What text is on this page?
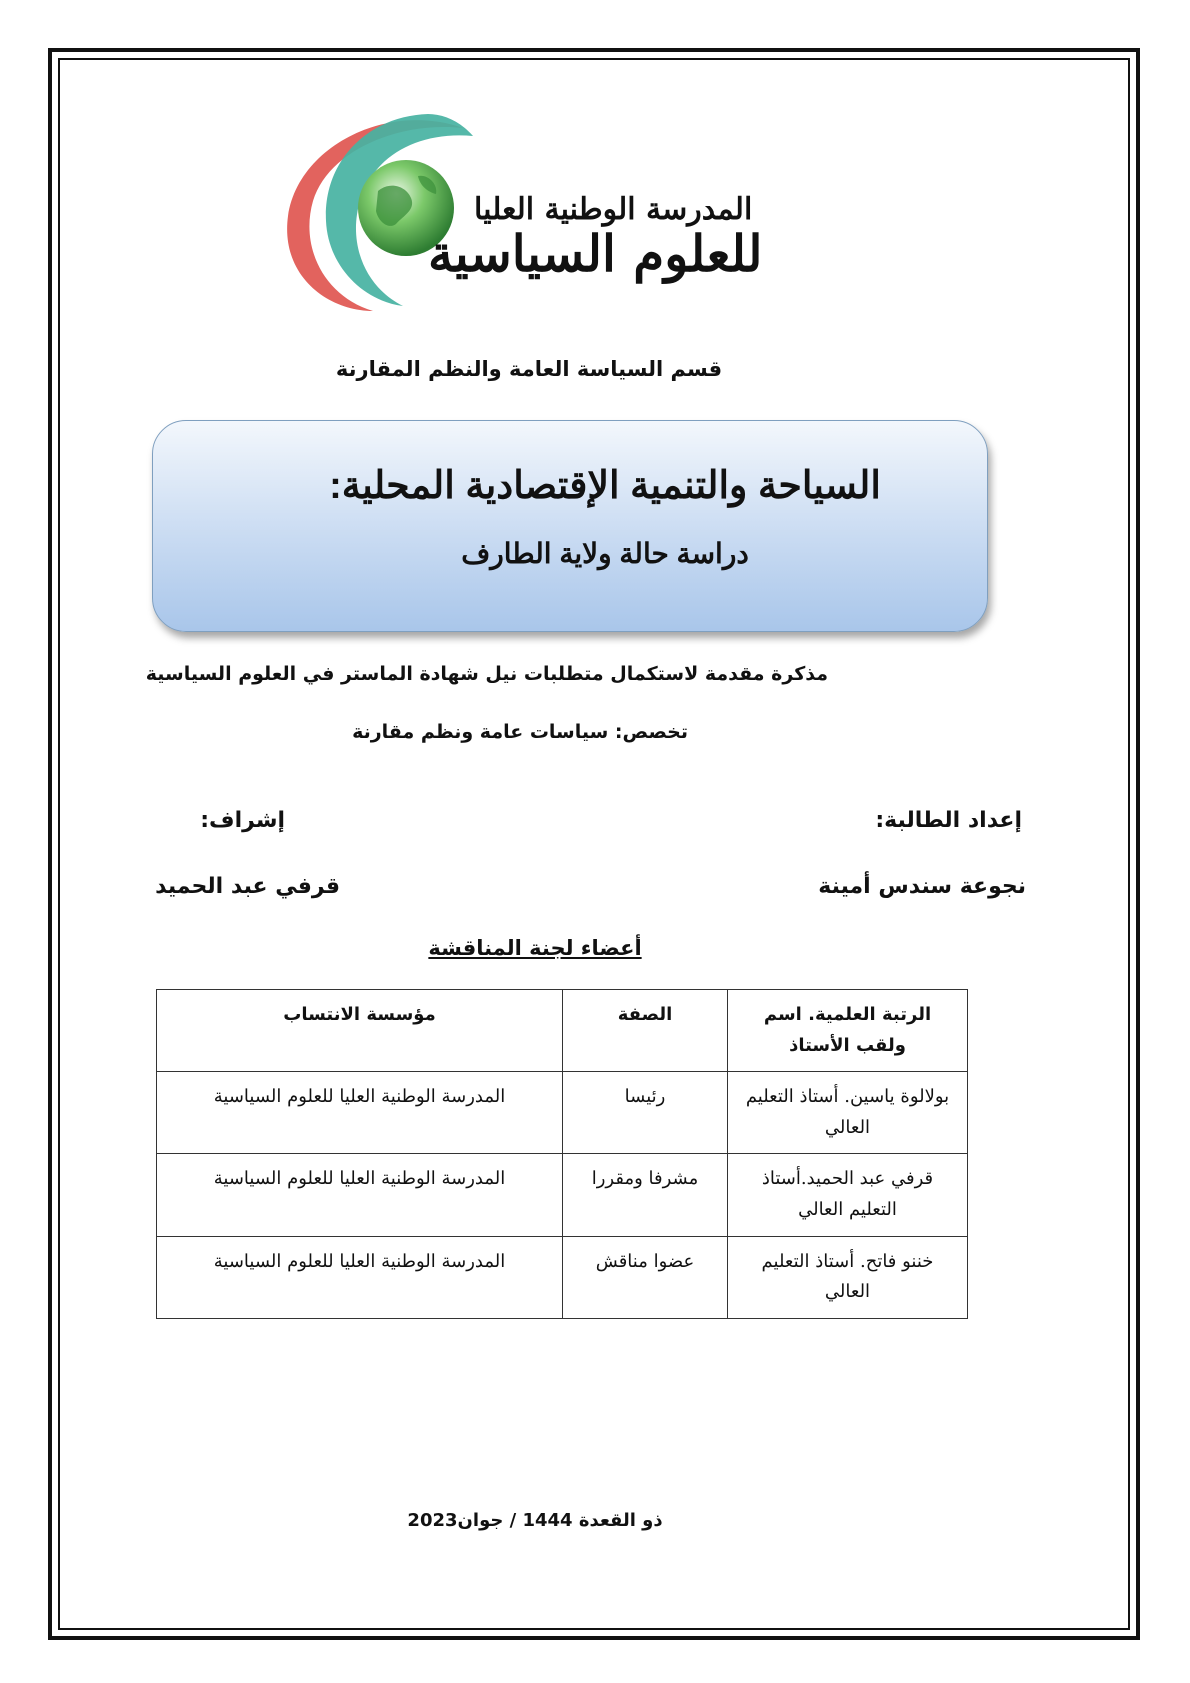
المدرسة الوطنية العليا
للعلوم السياسية
قسم السياسة العامة والنظم المقارنة
السياحة والتنمية الإقتصادية المحلية:
دراسة حالة ولاية الطارف
مذكرة مقدمة لاستكمال متطلبات نيل شهادة الماستر في العلوم السياسية
تخصص: سياسات عامة ونظم مقارنة
إعداد الطالبة:
إشراف:
نجوعة سندس أمينة
قرفي عبد الحميد
أعضاء لجنة المناقشة
الرتبة العلمية. اسم ولقب الأستاذ	الصفة	مؤسسة الانتساب
بولالوة ياسين. أستاذ التعليم العالي	رئيسا	المدرسة الوطنية العليا للعلوم السياسية
قرفي عبد الحميد.أستاذ التعليم العالي	مشرفا ومقررا	المدرسة الوطنية العليا للعلوم السياسية
خننو فاتح. أستاذ التعليم العالي	عضوا مناقش	المدرسة الوطنية العليا للعلوم السياسية
ذو القعدة 1444 / جوان2023
